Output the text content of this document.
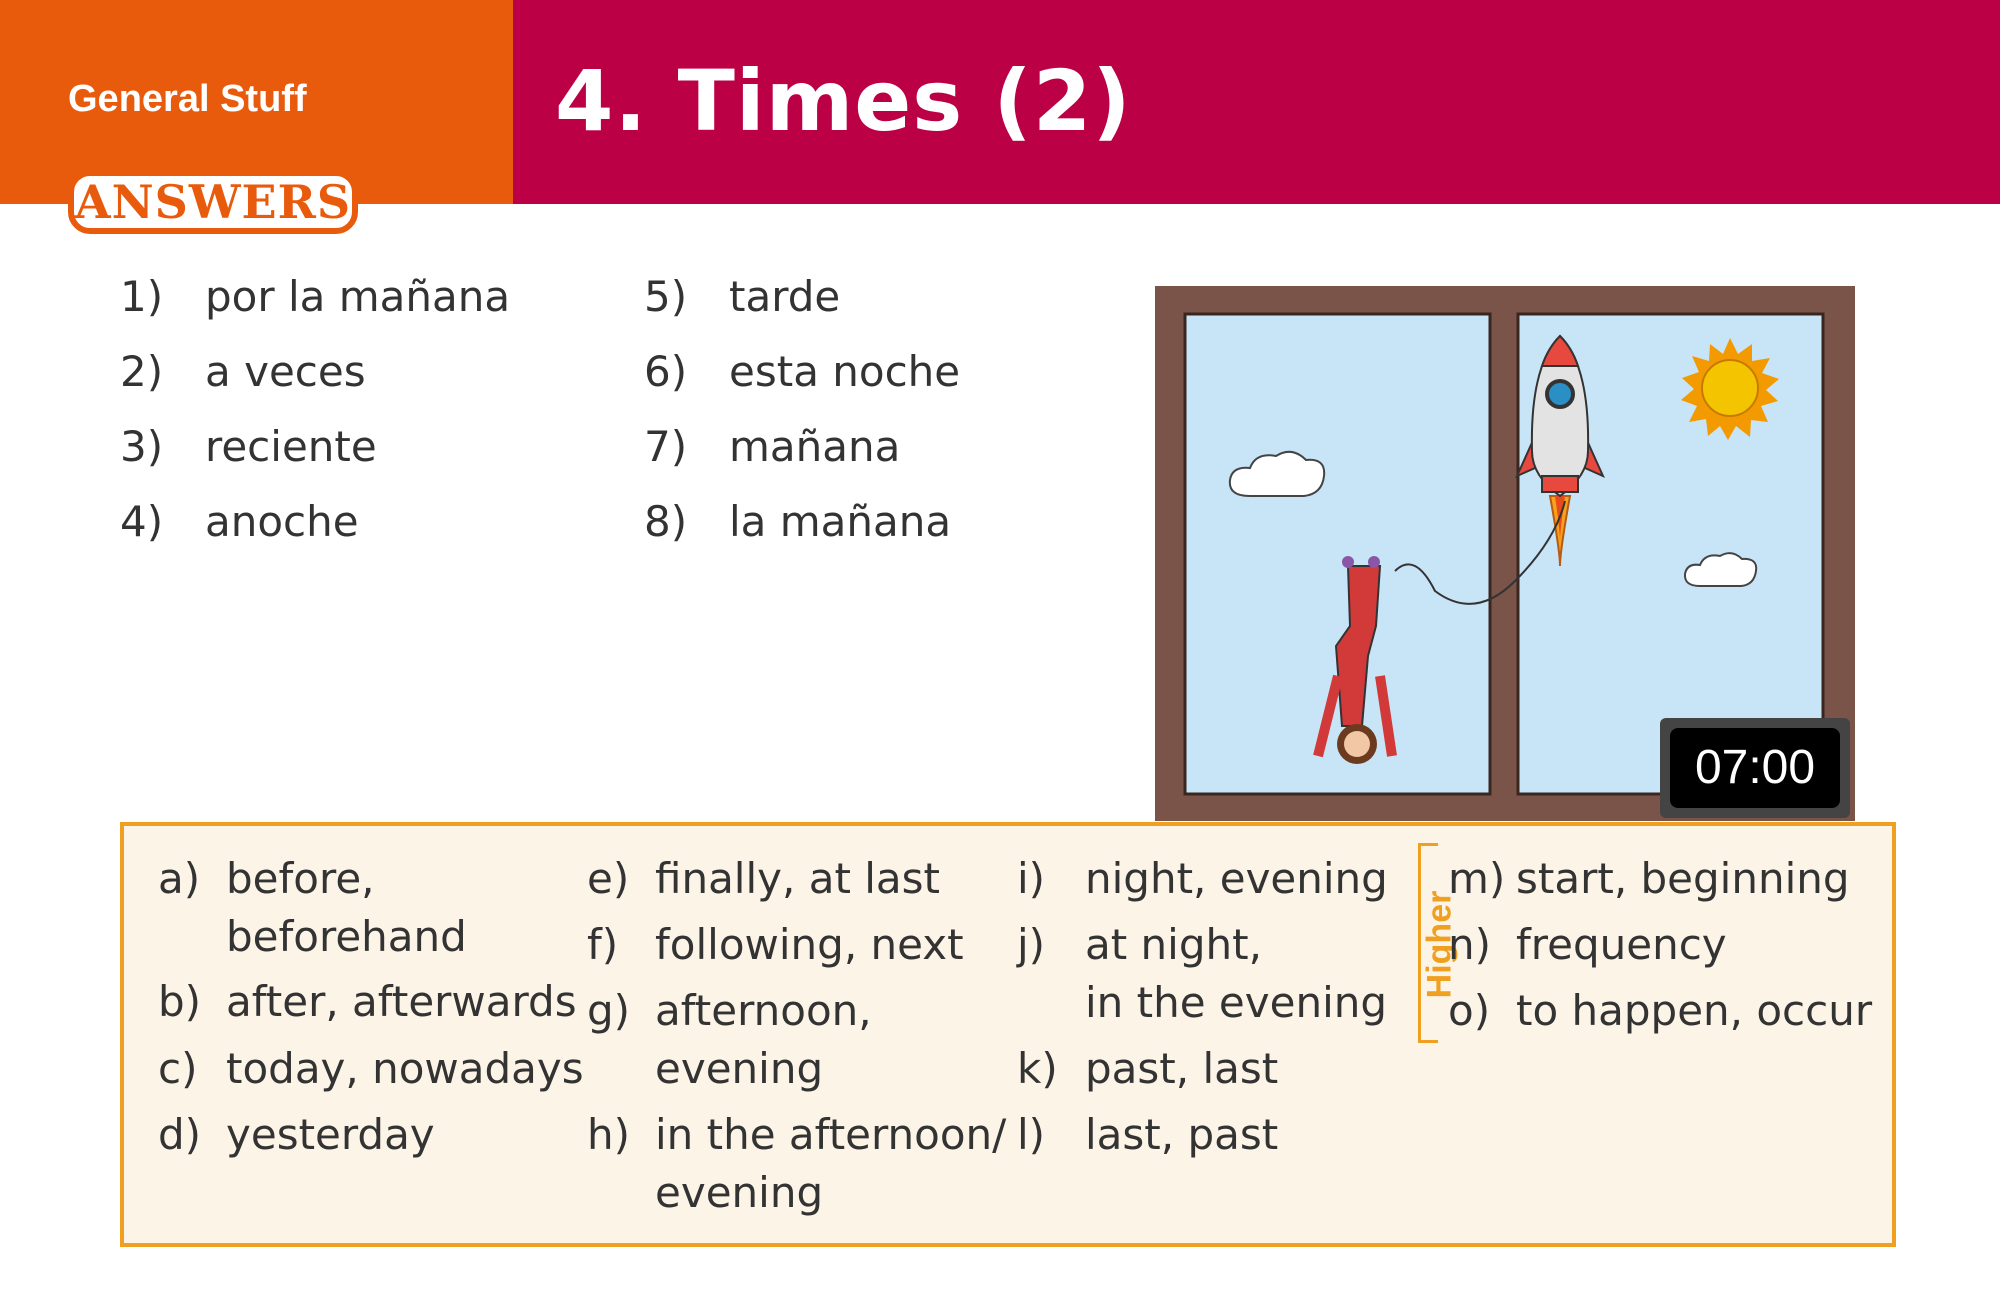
General Stuff	4. Times (2)
ANSWERS
1) por la mañana
2) a veces
3) reciente
4) anoche
5) tarde
6) esta noche
7) mañana
8) la mañana
07:00
a) before,
beforehand
b) after, afterwards
c) today, nowadays
d) yesterday
e) finally, at last
f) following, next
g) afternoon,
evening
h) in the afternoon/
evening
i) night, evening
j) at night,
in the evening
k) past, last
l) last, past
Higher
m) start, beginning
n) frequency
o) to happen, occur
